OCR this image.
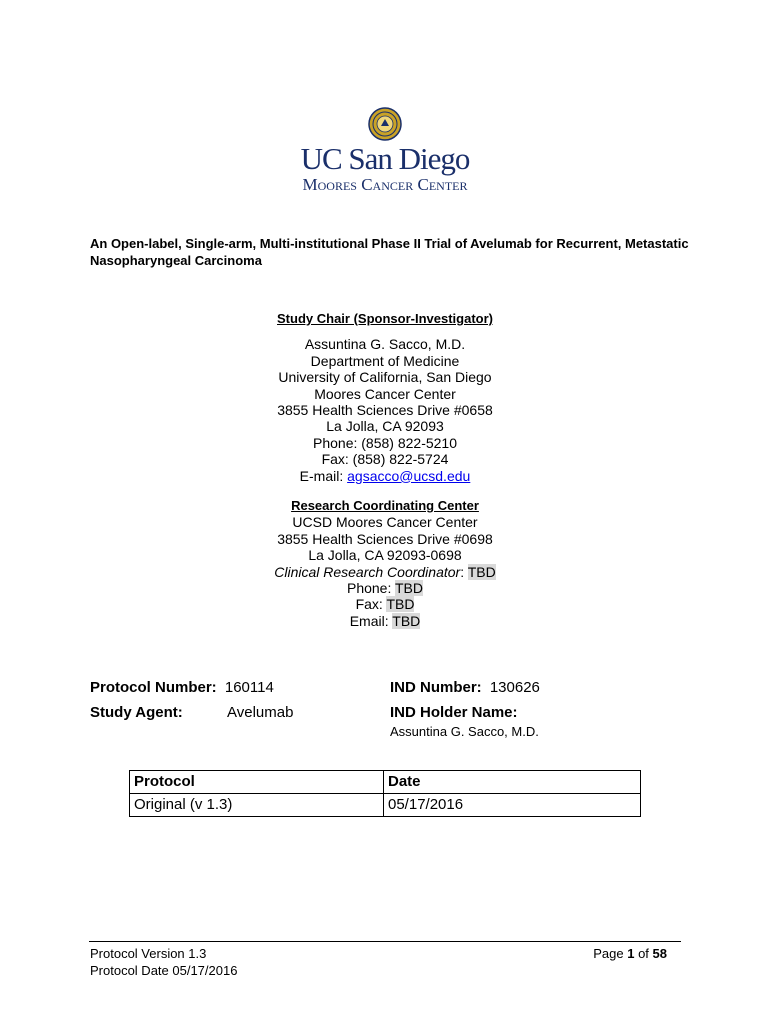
UC San Diego
Moores Cancer Center
An Open-label, Single-arm, Multi-institutional Phase II Trial of Avelumab for Recurrent, Metastatic Nasopharyngeal Carcinoma
Study Chair (Sponsor-Investigator)
Assuntina G. Sacco, M.D.
Department of Medicine
University of California, San Diego
Moores Cancer Center
3855 Health Sciences Drive #0658
La Jolla, CA 92093
Phone: (858) 822-5210
Fax: (858) 822-5724
E-mail: agsacco@ucsd.edu
Research Coordinating Center
UCSD Moores Cancer Center
3855 Health Sciences Drive #0698
La Jolla, CA 92093-0698
Clinical Research Coordinator: TBD
Phone: TBD
Fax: TBD
Email: TBD
Protocol Number: 160114
Study Agent:	Avelumab
IND Number: 130626
IND Holder Name:
Assuntina G. Sacco, M.D.
Protocol	Date
Original (v 1.3)	05/17/2016
Protocol Version 1.3
Protocol Date 05/17/2016
Page 1 of 58
